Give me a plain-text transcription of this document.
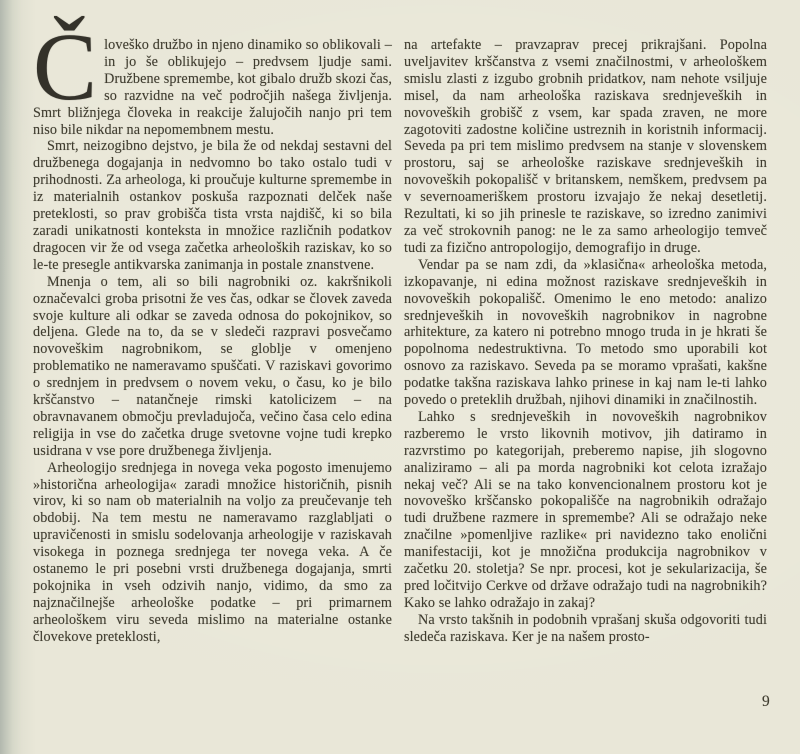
Človeško družbo in njeno dinamiko so oblikovali – in jo še oblikujejo – predvsem ljudje sami. Družbene spremembe, kot gibalo družb skozi čas, so razvidne na več področjih našega življenja. Smrt bližnjega človeka in reakcije žalujočih nanjo pri tem niso bile nikdar na nepomembnem mestu.

Smrt, neizogibno dejstvo, je bila že od nekdaj sestavni del družbenega dogajanja in nedvomno bo tako ostalo tudi v prihodnosti. Za arheologa, ki proučuje kulturne spremembe in iz materialnih ostankov poskuša razpoznati delček naše preteklosti, so prav grobišča tista vrsta najdišč, ki so bila zaradi unikatnosti konteksta in množice različnih podatkov dragocen vir že od vsega začetka arheoloških raziskav, ko so le-te presegle antikvarska zanimanja in postale znanstvene.

Mnenja o tem, ali so bili nagrobniki oz. kakršnikoli označevalci groba prisotni že ves čas, odkar se človek zaveda svoje kulture ali odkar se zaveda odnosa do pokojnikov, so deljena. Glede na to, da se v sledeči razpravi posvečamo novoveškim nagrobnikom, se globlje v omenjeno problematiko ne nameravamo spuščati. V raziskavi govorimo o srednjem in predvsem o novem veku, o času, ko je bilo krščanstvo – natančneje rimski katolicizem – na obravnavanem območju prevladujoča, večino časa celo edina religija in vse do začetka druge svetovne vojne tudi krepko usidrana v vse pore družbenega življenja.

Arheologijo srednjega in novega veka pogosto imenujemo »historična arheologija« zaradi množice historičnih, pisnih virov, ki so nam ob materialnih na voljo za preučevanje teh obdobij. Na tem mestu ne nameravamo razglabljati o upravičenosti in smislu sodelovanja arheologije v raziskavah visokega in poznega srednjega ter novega veka. A če ostanemo le pri posebni vrsti družbenega dogajanja, smrti pokojnika in vseh odzivih nanjo, vidimo, da smo za najznačilnejše arheološke podatke – pri primarnem arheološkem viru seveda mislimo na materialne ostanke človekove preteklosti,

na artefakte – pravzaprav precej prikrajšani. Popolna uveljavitev krščanstva z vsemi značilnostmi, v arheološkem smislu zlasti z izgubo grobnih pridatkov, nam nehote vsiljuje misel, da nam arheološka raziskava srednjeveških in novoveških grobišč z vsem, kar spada zraven, ne more zagotoviti zadostne količine ustreznih in koristnih informacij. Seveda pa pri tem mislimo predvsem na stanje v slovenskem prostoru, saj se arheološke raziskave srednjeveških in novoveških pokopališč v britanskem, nemškem, predvsem pa v severnoameriškem prostoru izvajajo že nekaj desetletij. Rezultati, ki so jih prinesle te raziskave, so izredno zanimivi za več strokovnih panog: ne le za samo arheologijo temveč tudi za fizično antropologijo, demografijo in druge.

Vendar pa se nam zdi, da »klasična« arheološka metoda, izkopavanje, ni edina možnost raziskave srednjeveških in novoveških pokopališč. Omenimo le eno metodo: analizo srednjeveških in novoveških nagrobnikov in nagrobne arhitekture, za katero ni potrebno mnogo truda in je hkrati še popolnoma nedestruktivna. To metodo smo uporabili kot osnovo za raziskavo. Seveda pa se moramo vprašati, kakšne podatke takšna raziskava lahko prinese in kaj nam le-ti lahko povedo o preteklih družbah, njihovi dinamiki in značilnostih.

Lahko s srednjeveških in novoveških nagrobnikov razberemo le vrsto likovnih motivov, jih datiramo in razvrstimo po kategorijah, preberemo napise, jih slogovno analiziramo – ali pa morda nagrobniki kot celota izražajo nekaj več? Ali se na tako konvencionalnem prostoru kot je novoveško krščansko pokopališče na nagrobnikih odražajo tudi družbene razmere in spremembe? Ali se odražajo neke značilne »pomenljive razlike« pri navidezno tako enolični manifestaciji, kot je množična produkcija nagrobnikov v začetku 20. stoletja? Se npr. procesi, kot je sekularizacija, še pred ločitvijo Cerkve od države odražajo tudi na nagrobnikih? Kako se lahko odražajo in zakaj?

Na vrsto takšnih in podobnih vprašanj skuša odgovoriti tudi sledeča raziskava. Ker je na našem prosto-

9
